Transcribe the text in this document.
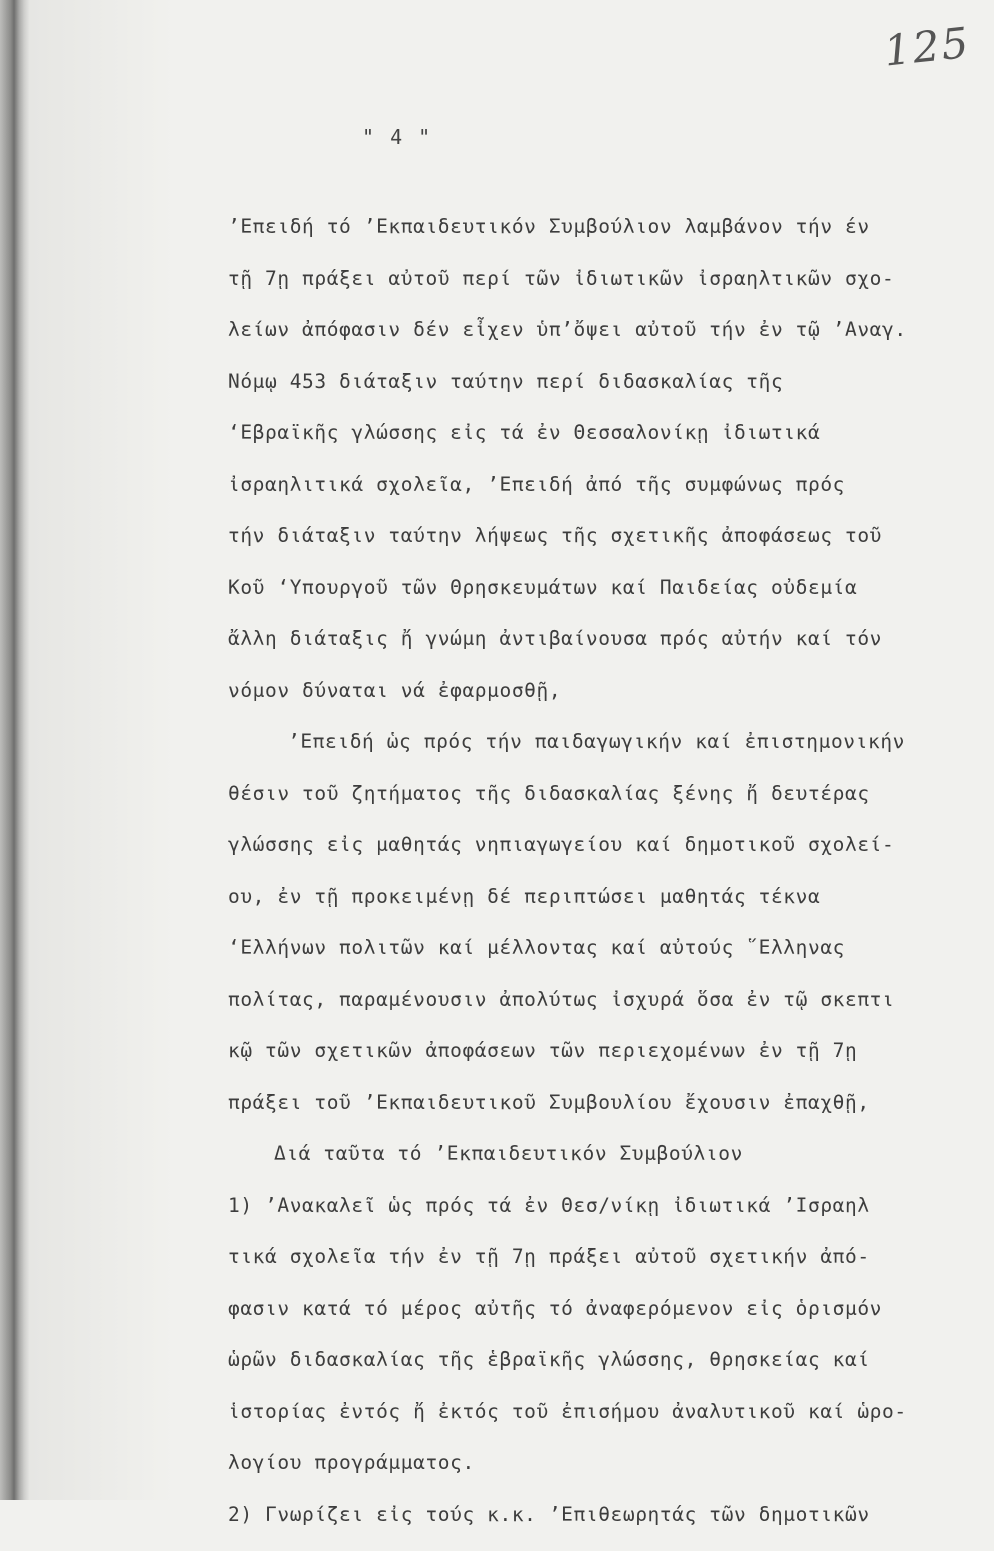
125
" 4 "
’Επειδή τό ’Εκπαιδευτικόν Συμβούλιον λαμβάνον τήν έν
τῇ 7ῃ πράξει αὐτοῦ περί τῶν ἰδιωτικῶν ἰσραηλτικῶν σχο-
λείων ἀπόφασιν δέν εἶχεν ὑπ’ὄψει αὐτοῦ τήν ἐν τῷ ’Αναγ.
Νόμῳ 453 διάταξιν ταύτην περί διδασκαλίας τῆς
‘Εβραϊκῆς γλώσσης εἰς τά ἐν Θεσσαλονίκῃ ἰδιωτικά
ἰσραηλιτικά σχολεῖα, ’Επειδή ἀπό τῆς συμφώνως πρός
τήν διάταξιν ταύτην λήψεως τῆς σχετικῆς ἀποφάσεως τοῦ
Κοῦ ‘Υπουργοῦ τῶν Θρησκευμάτων καί Παιδείας οὐδεμία
ἄλλη διάταξις ἤ γνώμη ἀντιβαίνουσα πρός αὐτήν καί τόν
νόμον δύναται νά ἐφαρμοσθῇ,
’Επειδή ὡς πρός τήν παιδαγωγικήν καί ἐπιστημονικήν
θέσιν τοῦ ζητήματος τῆς διδασκαλίας ξένης ἤ δευτέρας
γλώσσης εἰς μαθητάς νηπιαγωγείου καί δημοτικοῦ σχολεί-
ου, ἐν τῇ προκειμένῃ δέ περιπτώσει μαθητάς τέκνα
‘Ελλήνων πολιτῶν καί μέλλοντας καί αὐτούς ῞Ελληνας
πολίτας, παραμένουσιν ἀπολύτως ἰσχυρά ὅσα ἐν τῷ σκεπτι
κῷ τῶν σχετικῶν ἀποφάσεων τῶν περιεχομένων ἐν τῇ 7ῃ
πράξει τοῦ ’Εκπαιδευτικοῦ Συμβουλίου ἔχουσιν ἐπαχθῇ,
Διά ταῦτα τό ’Εκπαιδευτικόν Συμβούλιον
1) ’Ανακαλεῖ ὡς πρός τά ἐν Θεσ/νίκῃ ἰδιωτικά ’Ισραηλ
τικά σχολεῖα τήν ἐν τῇ 7ῃ πράξει αὐτοῦ σχετικήν ἀπό-
φασιν κατά τό μέρος αὐτῆς τό ἀναφερόμενον εἰς ὁρισμόν
ὡρῶν διδασκαλίας τῆς ἑβραϊκῆς γλώσσης, θρησκείας καί
ἱστορίας ἐντός ἤ ἐκτός τοῦ ἐπισήμου ἀναλυτικοῦ καί ὡρο-
λογίου προγράμματος.
2) Γνωρίζει εἰς τούς κ.κ. ’Επιθεωρητάς τῶν δημοτικῶν
